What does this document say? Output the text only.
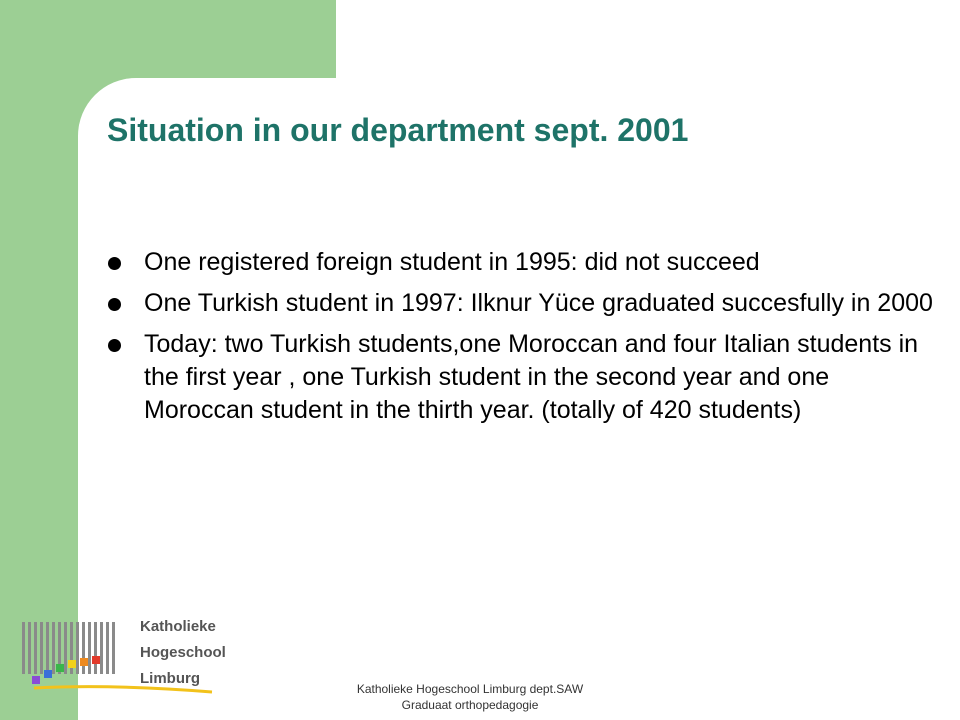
Situation in our department sept. 2001
One registered foreign student in 1995: did not succeed
One Turkish student in 1997: Ilknur Yüce graduated succesfully in 2000
Today: two Turkish students,one Moroccan and four Italian students in the first year , one Turkish student in the second year and one Moroccan student in the thirth year. (totally of 420 students)
Katholieke
Hogeschool
Limburg
Katholieke Hogeschool Limburg dept.SAW
Graduaat orthopedagogie
